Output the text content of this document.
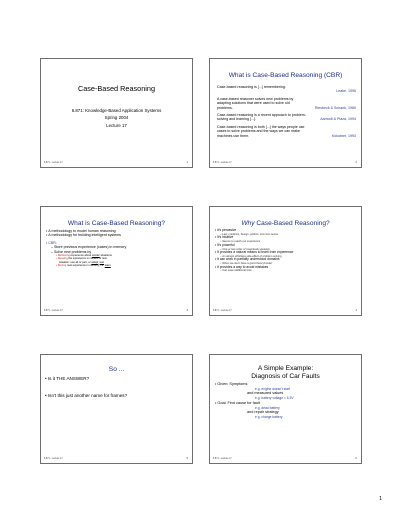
Case-Based Reasoning
6.871: Knowledge-Based Application Systems
Spring 2004
Lecture 17
6.871 - Lecture 17	1
What is Case-Based Reasoning (CBR)
Case-based reasoning is [...] remembering.
Leake, 1996
A case-based reasoner solves new problems by
adapting solutions that were used to solve old
problems.	Riesbeck & Schank, 1989
Case-based reasoning is a recent approach to problem-
solving and learning [...].	Aamodt & Plaza, 1994
Case-based reasoning is both [...] the ways people use
cases to solve problems and the ways we can make
machines use them.	Kolodner, 1993
6.871 - Lecture 17	2
What is Case-Based Reasoning?
• A methodology to model human reasoning
• A methodology for building intelligent systems
• CBR:
– Store previous experience (cases) in memory
– Solve new problems by
• Retrieving experience about similar situations
• Reusing the experience in context of new
situation: use all or part, or adapt, test
• Storing new experience in memory, i.e. learn
6.871 - Lecture 17	3
Why Case-Based Reasoning?
• It's pervasive
– Law, medicine, design, politics, common sense
• It's intuitive
– Seems to match our experience
• It's powerful
– One or two order of magnitude speedup
• It provides a natural means to learn from experience
– An almost effortless side-effect of problem solving
• It can work in partially understood domains
– When we don't have a good theory/model
• It provides a way to avoid mistakes
– Can save additional time
6.871 - Lecture 17	4
So ...
• Is it THE ANSWER?
• Isn't this just another name for frames?
6.871 - Lecture 17	5
A Simple Example:
Diagnosis of Car Faults
• Given: Symptoms
e.g. engine doesn't start
and measured values
e.g. battery voltage = 6.3V
• Goal: Find cause for fault
e.g. dead battery
and repair strategy
e.g. charge battery
6.871 - Lecture 17	6
1
